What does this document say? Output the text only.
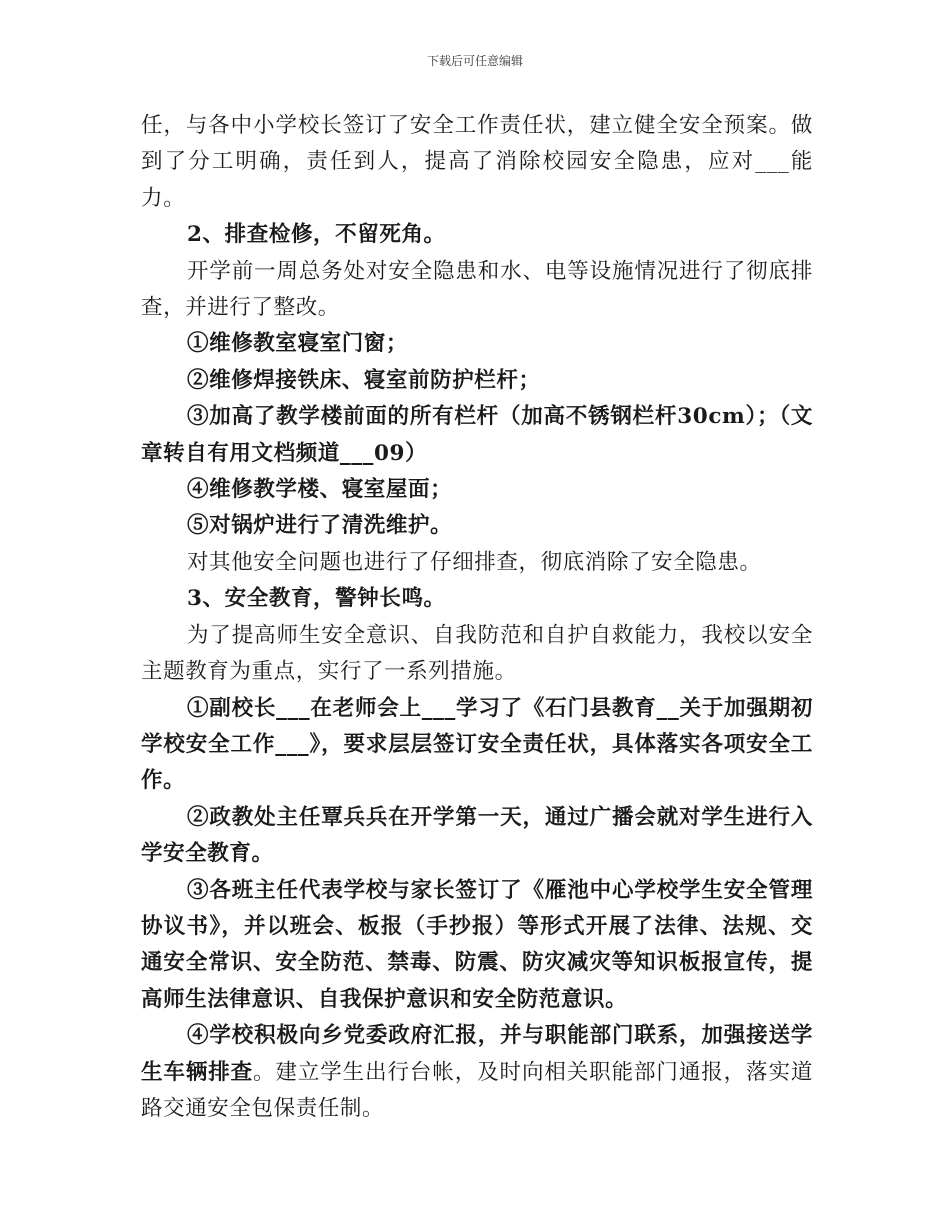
下载后可任意编辑

任，与各中小学校长签订了安全工作责任状，建立健全安全预案。做到了分工明确，责任到人，提高了消除校园安全隐患，应对___能力。

2、排查检修，不留死角。

开学前一周总务处对安全隐患和水、电等设施情况进行了彻底排查，并进行了整改。

①维修教室寝室门窗；

②维修焊接铁床、寝室前防护栏杆；

③加高了教学楼前面的所有栏杆（加高不锈钢栏杆30cm）；（文章转自有用文档频道___09）

④维修教学楼、寝室屋面；

⑤对锅炉进行了清洗维护。

对其他安全问题也进行了仔细排查，彻底消除了安全隐患。

3、安全教育，警钟长鸣。

为了提高师生安全意识、自我防范和自护自救能力，我校以安全主题教育为重点，实行了一系列措施。

①副校长___在老师会上___学习了《石门县教育__关于加强期初学校安全工作___》，要求层层签订安全责任状，具体落实各项安全工作。

②政教处主任覃兵兵在开学第一天，通过广播会就对学生进行入学安全教育。

③各班主任代表学校与家长签订了《雁池中心学校学生安全管理协议书》，并以班会、板报（手抄报）等形式开展了法律、法规、交通安全常识、安全防范、禁毒、防震、防灾减灾等知识板报宣传，提高师生法律意识、自我保护意识和安全防范意识。

④学校积极向乡党委政府汇报，并与职能部门联系，加强接送学生车辆排查。建立学生出行台帐，及时向相关职能部门通报，落实道路交通安全包保责任制。
